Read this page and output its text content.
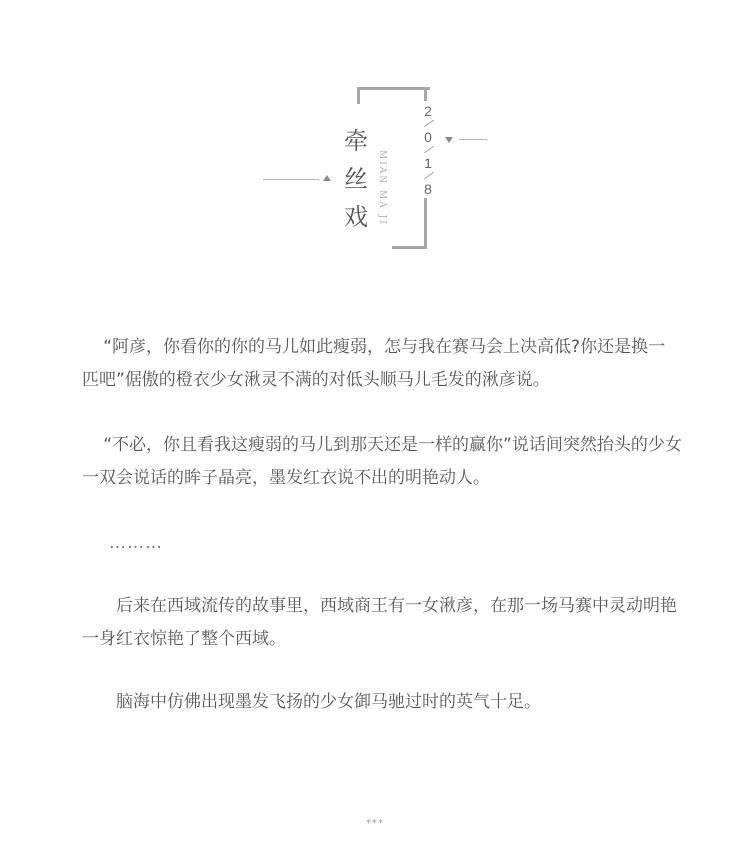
牵
丝
戏	MIAN MA JI
2
0
1
8

“阿彦，你看你的你的马儿如此瘦弱，怎与我在赛马会上决高低?你还是换一匹吧”倨傲的橙衣少女湫灵不满的对低头顺马儿毛发的湫彦说。

“不必，你且看我这瘦弱的马儿到那天还是一样的赢你”说话间突然抬头的少女一双会说话的眸子晶亮，墨发红衣说不出的明艳动人。

………

后来在西域流传的故事里，西域商王有一女湫彦，在那一场马赛中灵动明艳一身红衣惊艳了整个西域。

脑海中仿佛出现墨发飞扬的少女御马驰过时的英气十足。

***
